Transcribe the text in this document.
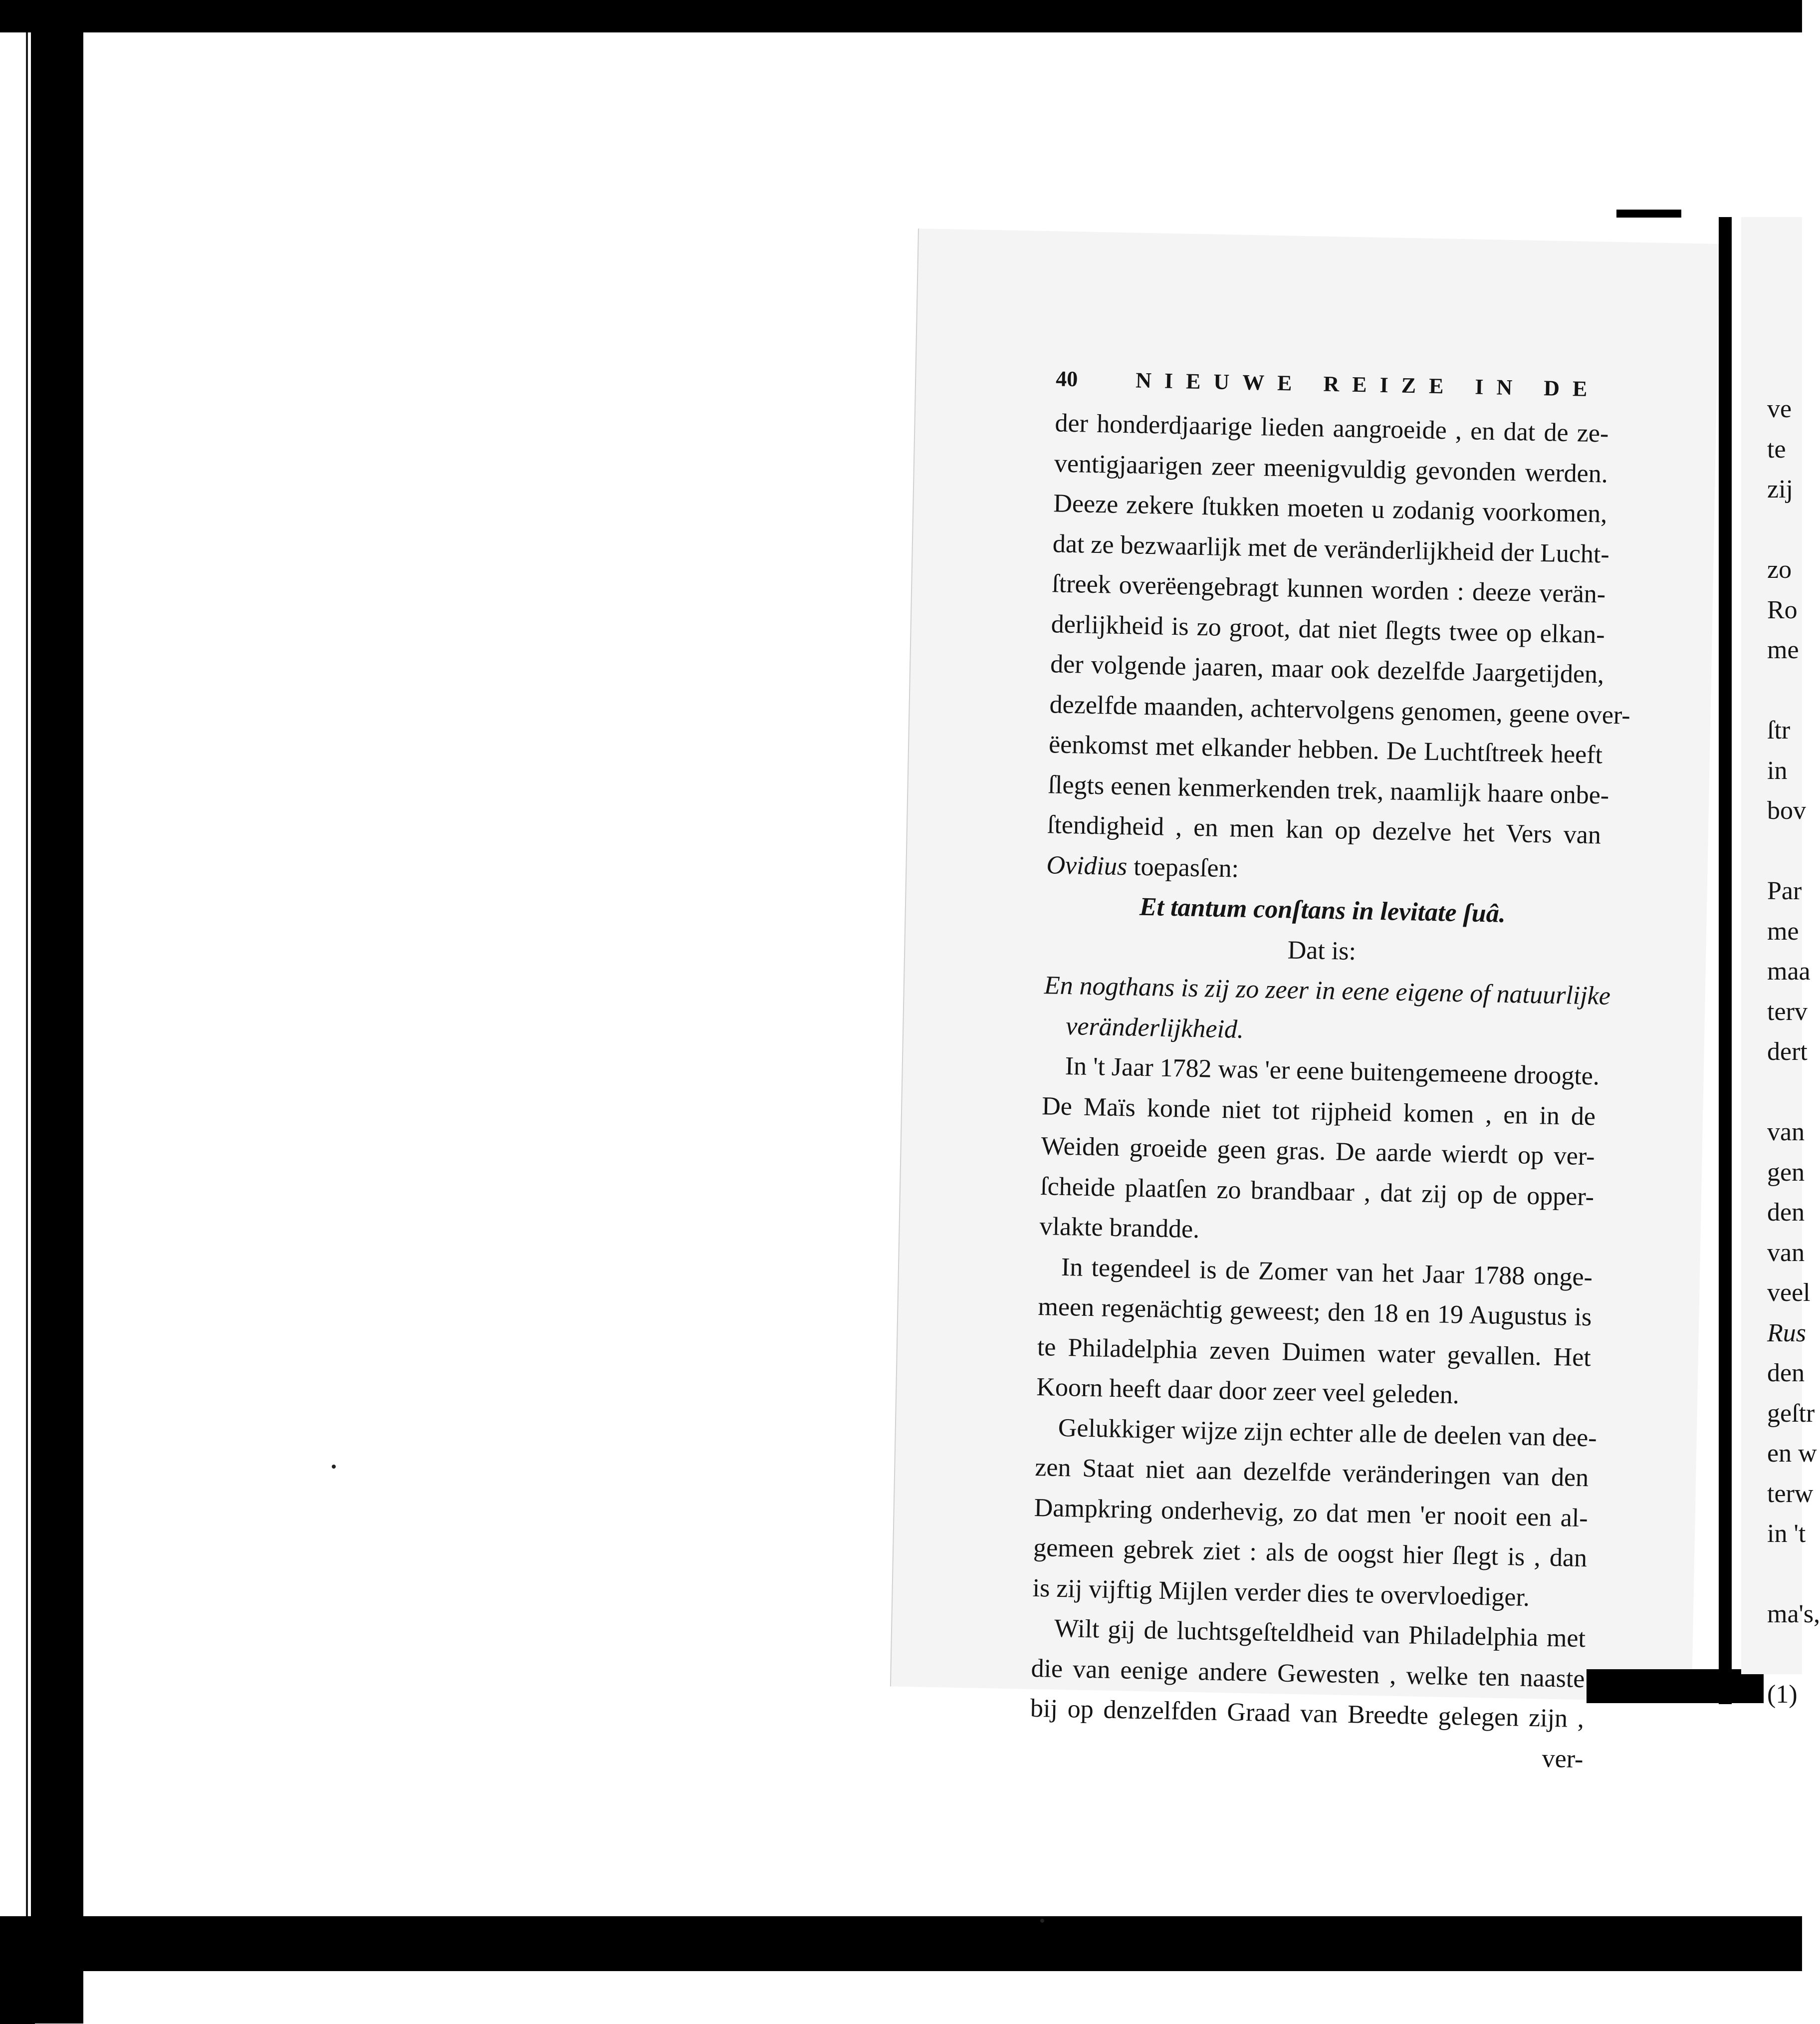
40	NIEUWE REIZE IN DE
der honderdjaarige lieden aangroeide , en dat de ze-
ventigjaarigen zeer meenigvuldig gevonden werden.
Deeze zekere ſtukken moeten u zodanig voorkomen,
dat ze bezwaarlijk met de veränderlijkheid der Lucht-
ſtreek overëengebragt kunnen worden : deeze verän-
derlijkheid is zo groot, dat niet ſlegts twee op elkan-
der volgende jaaren, maar ook dezelfde Jaargetijden,
dezelfde maanden, achtervolgens genomen, geene over-
ëenkomst met elkander hebben. De Luchtſtreek heeft
ſlegts eenen kenmerkenden trek, naamlijk haare onbe-
ſtendigheid , en men kan op dezelve het Vers van
Ovidius toepasſen:
Et tantum conſtans in levitate ſuâ.
Dat is:
En nogthans is zij zo zeer in eene eigene of natuurlijke
veränderlijkheid.
In 't Jaar 1782 was 'er eene buitengemeene droogte.
De Maïs konde niet tot rijpheid komen , en in de
Weiden groeide geen gras. De aarde wierdt op ver-
ſcheide plaatſen zo brandbaar , dat zij op de opper-
vlakte brandde.
In tegendeel is de Zomer van het Jaar 1788 onge-
meen regenächtig geweest; den 18 en 19 Augustus is
te Philadelphia zeven Duimen water gevallen. Het
Koorn heeft daar door zeer veel geleden.
Gelukkiger wijze zijn echter alle de deelen van dee-
zen Staat niet aan dezelfde veränderingen van den
Dampkring onderhevig, zo dat men 'er nooit een al-
gemeen gebrek ziet : als de oogst hier ſlegt is , dan
is zij vijftig Mijlen verder dies te overvloediger.
Wilt gij de luchtsgeſteldheid van Philadelphia met
die van eenige andere Gewesten , welke ten naaste
bij op denzelfden Graad van Breedte gelegen zijn ,
ver-
ve
te
zij
zo
Ro
me
ſtr
in
bov
Par
me
maa
terv
dert
van
gen
den
van
veel
Rus
den
geſtr
en w
terw
in 't
ma's,
(1)
